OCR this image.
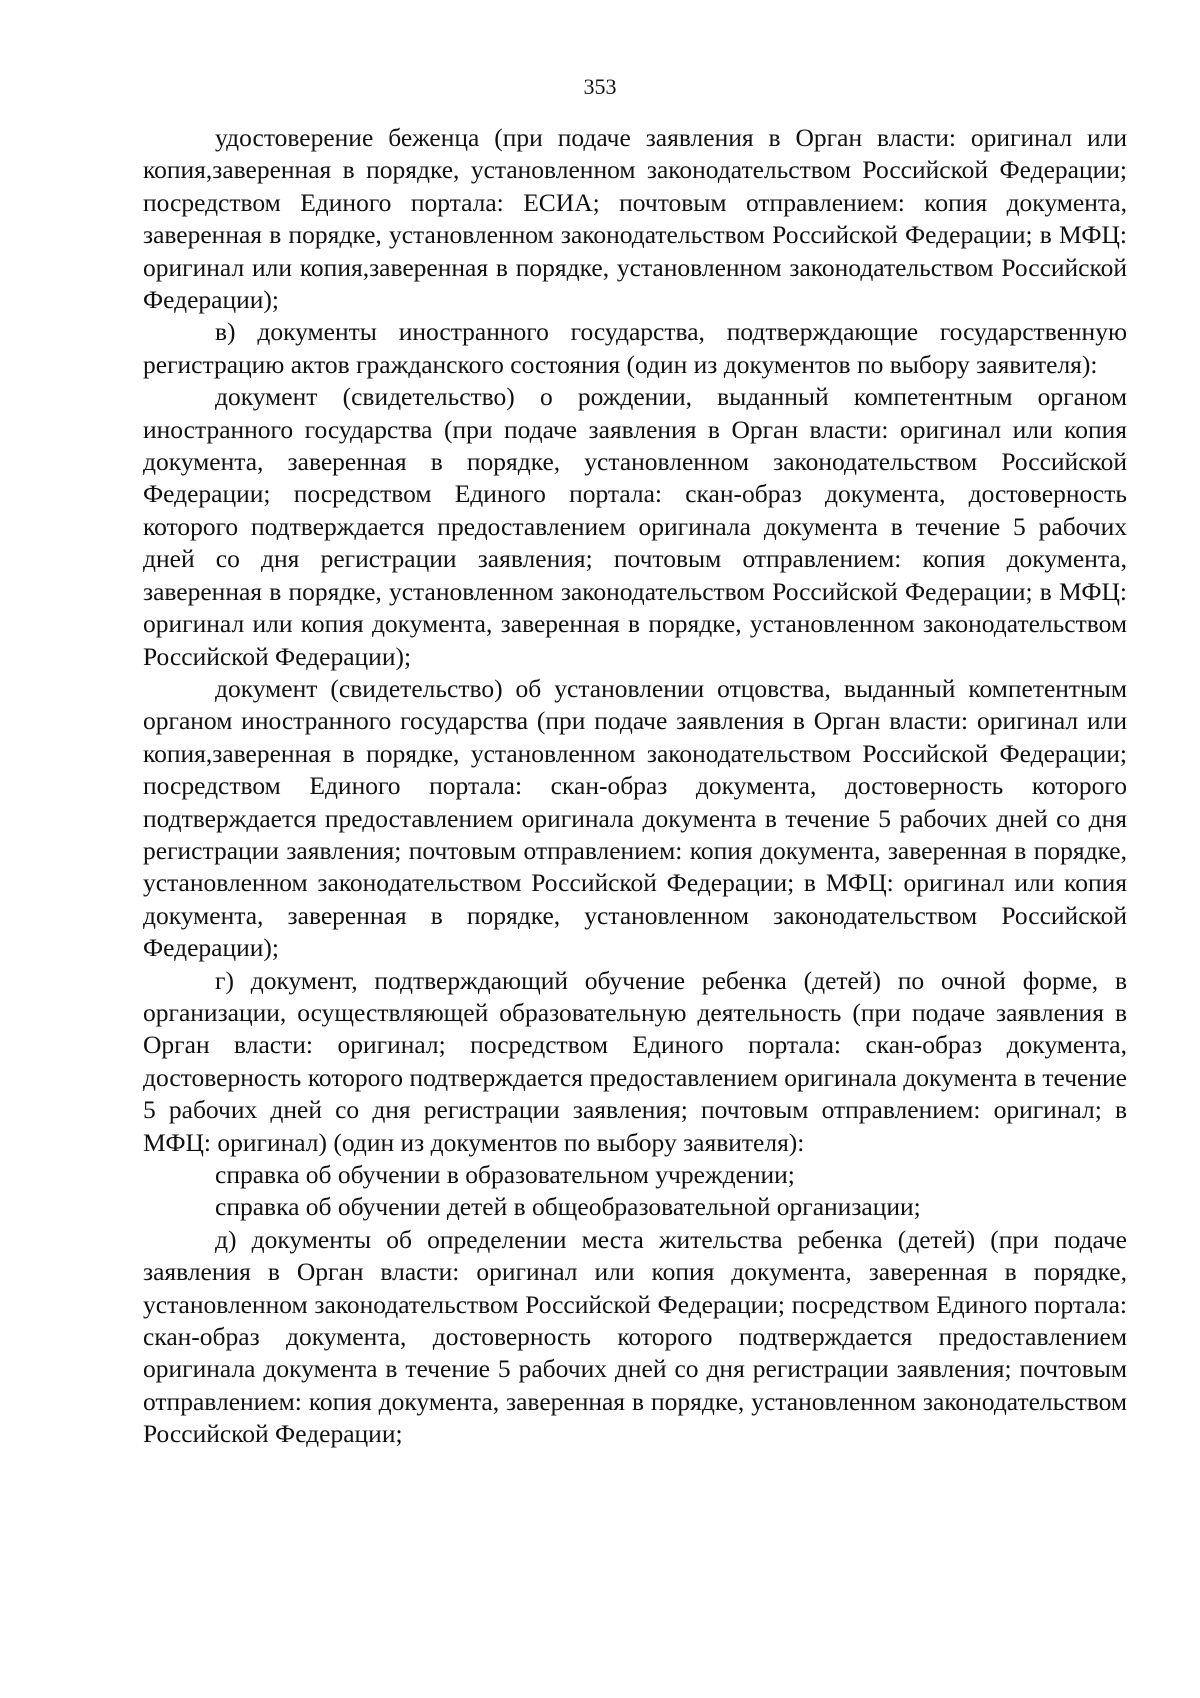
353

удостоверение беженца (при подаче заявления в Орган власти: оригинал или копия,заверенная в порядке, установленном законодательством Российской Федерации; посредством Единого портала: ЕСИА; почтовым отправлением: копия документа, заверенная в порядке, установленном законодательством Российской Федерации; в МФЦ: оригинал или копия,заверенная в порядке, установленном законодательством Российской Федерации);

в) документы иностранного государства, подтверждающие государственную регистрацию актов гражданского состояния (один из документов по выбору заявителя):

документ (свидетельство) о рождении, выданный компетентным органом иностранного государства (при подаче заявления в Орган власти: оригинал или копия документа, заверенная в порядке, установленном законодательством Российской Федерации; посредством Единого портала: скан-образ документа, достоверность которого подтверждается предоставлением оригинала документа в течение 5 рабочих дней со дня регистрации заявления; почтовым отправлением: копия документа, заверенная в порядке, установленном законодательством Российской Федерации; в МФЦ: оригинал или копия документа, заверенная в порядке, установленном законодательством Российской Федерации);

документ (свидетельство) об установлении отцовства, выданный компетентным органом иностранного государства (при подаче заявления в Орган власти: оригинал или копия,заверенная в порядке, установленном законодательством Российской Федерации; посредством Единого портала: скан-образ документа, достоверность которого подтверждается предоставлением оригинала документа в течение 5 рабочих дней со дня регистрации заявления; почтовым отправлением: копия документа, заверенная в порядке, установленном законодательством Российской Федерации; в МФЦ: оригинал или копия документа, заверенная в порядке, установленном законодательством Российской Федерации);

г) документ, подтверждающий обучение ребенка (детей) по очной форме, в организации, осуществляющей образовательную деятельность (при подаче заявления в Орган власти: оригинал; посредством Единого портала: скан-образ документа, достоверность которого подтверждается предоставлением оригинала документа в течение 5 рабочих дней со дня регистрации заявления; почтовым отправлением: оригинал; в МФЦ: оригинал) (один из документов по выбору заявителя):

справка об обучении в образовательном учреждении;

справка об обучении детей в общеобразовательной организации;

д) документы об определении места жительства ребенка (детей) (при подаче заявления в Орган власти: оригинал или копия документа, заверенная в порядке, установленном законодательством Российской Федерации; посредством Единого портала: скан-образ документа, достоверность которого подтверждается предоставлением оригинала документа в течение 5 рабочих дней со дня регистрации заявления; почтовым отправлением: копия документа, заверенная в порядке, установленном законодательством Российской Федерации;
